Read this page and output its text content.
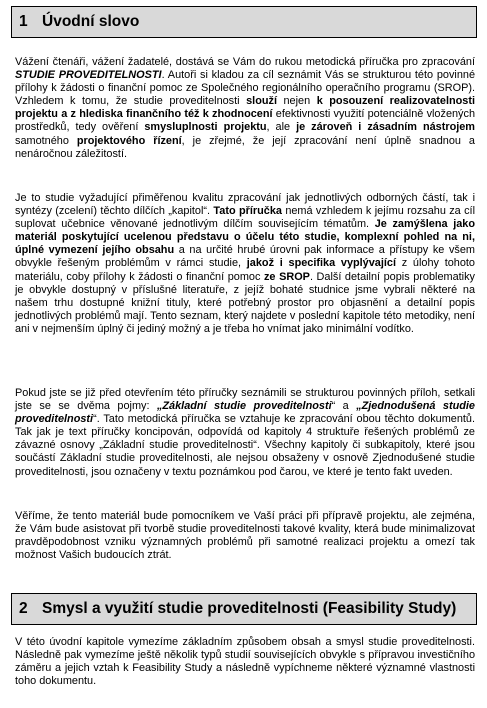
1 Úvodní slovo
Vážení čtenáři, vážení žadatelé, dostává se Vám do rukou metodická příručka pro zpracování STUDIE PROVEDITELNOSTI. Autoři si kladou za cíl seznámit Vás se strukturou této povinné přílohy k žádosti o finanční pomoc ze Společného regionálního operačního programu (SROP). Vzhledem k tomu, že studie proveditelnosti slouží nejen k posouzení realizovatelnosti projektu a z hlediska finančního též k zhodnocení efektivnosti využití potenciálně vložených prostředků, tedy ověření smysluplnosti projektu, ale je zároveň i zásadním nástrojem samotného projektového řízení, je zřejmé, že její zpracování není úplně snadnou a nenáročnou záležitostí.
Je to studie vyžadující přiměřenou kvalitu zpracování jak jednotlivých odborných částí, tak i syntézy (zcelení) těchto dílčích „kapitol“. Tato příručka nemá vzhledem k jejímu rozsahu za cíl suplovat učebnice věnované jednotlivým dílčím souvisejícím tématům. Je zamýšlena jako materiál poskytující ucelenou představu o účelu této studie, komplexní pohled na ni, úplné vymezení jejího obsahu a na určité hrubé úrovni pak informace a přístupy ke všem obvykle řešeným problémům v rámci studie, jakož i specifika vyplývající z úlohy tohoto materiálu, coby přílohy k žádosti o finanční pomoc ze SROP. Další detailní popis problematiky je obvykle dostupný v příslušné literatuře, z jejíž bohaté studnice jsme vybrali některé na našem trhu dostupné knižní tituly, které potřebný prostor pro objasnění a detailní popis jednotlivých problémů mají. Tento seznam, který najdete v poslední kapitole této metodiky, není ani v nejmenším úplný či jediný možný a je třeba ho vnímat jako minimální vodítko.
Pokud jste se již před otevřením této příručky seznámili se strukturou povinných příloh, setkali jste se se dvěma pojmy: „Základní studie proveditelnosti“ a „Zjednodušená studie proveditelnosti“. Tato metodická příručka se vztahuje ke zpracování obou těchto dokumentů. Tak jak je text příručky koncipován, odpovídá od kapitoly 4 struktuře řešených problémů ze závazné osnovy „Základní studie proveditelnosti“. Všechny kapitoly či subkapitoly, které jsou součástí Základní studie proveditelnosti, ale nejsou obsaženy v osnově Zjednodušené studie proveditelnosti, jsou označeny v textu poznámkou pod čarou, ve které je tento fakt uveden.
Věříme, že tento materiál bude pomocníkem ve Vaší práci při přípravě projektu, ale zejména, že Vám bude asistovat při tvorbě studie proveditelnosti takové kvality, která bude minimalizovat pravděpodobnost vzniku významných problémů při samotné realizaci projektu a omezí tak možnost Vašich budoucích ztrát.
2 Smysl a využití studie proveditelnosti (Feasibility Study)
V této úvodní kapitole vymezíme základním způsobem obsah a smysl studie proveditelnosti. Následně pak vymezíme ještě několik typů studií souvisejících obvykle s přípravou investičního záměru a jejich vztah k Feasibility Study a následně vypíchneme některé významné vlastnosti toho dokumentu.
